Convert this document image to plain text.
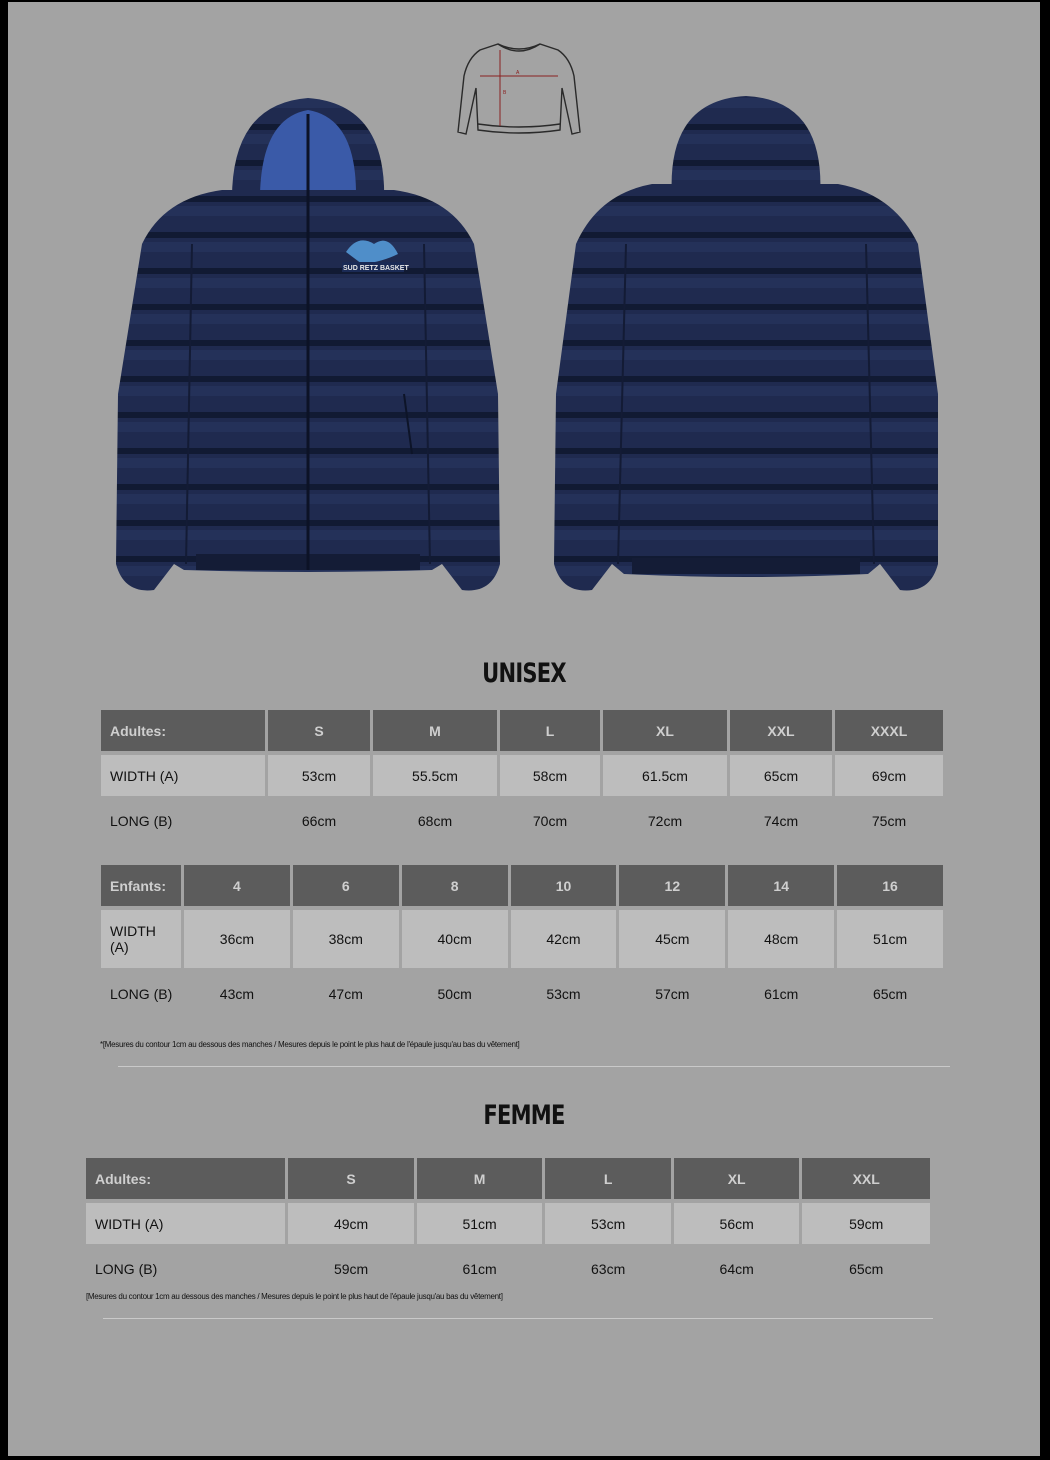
A
B
SUD RETZ BASKET
UNISEX
Adultes:	S	M	L	XL	XXL	XXXL

WIDTH (A)	53cm	55.5cm	58cm	61.5cm	65cm	69cm
LONG (B)	66cm	68cm	70cm	72cm	74cm	75cm
Enfants:	4	6	8	10	12	14	16

WIDTH (A)	36cm	38cm	40cm	42cm	45cm	48cm	51cm
LONG (B)	43cm	47cm	50cm	53cm	57cm	61cm	65cm
*[Mesures du contour 1cm au dessous des manches / Mesures depuis le point le plus haut de l'épaule jusqu'au bas du vêtement]
FEMME
Adultes:	S	M	L	XL	XXL

WIDTH (A)	49cm	51cm	53cm	56cm	59cm
LONG (B)	59cm	61cm	63cm	64cm	65cm
[Mesures du contour 1cm au dessous des manches / Mesures depuis le point le plus haut de l'épaule jusqu'au bas du vêtement]
